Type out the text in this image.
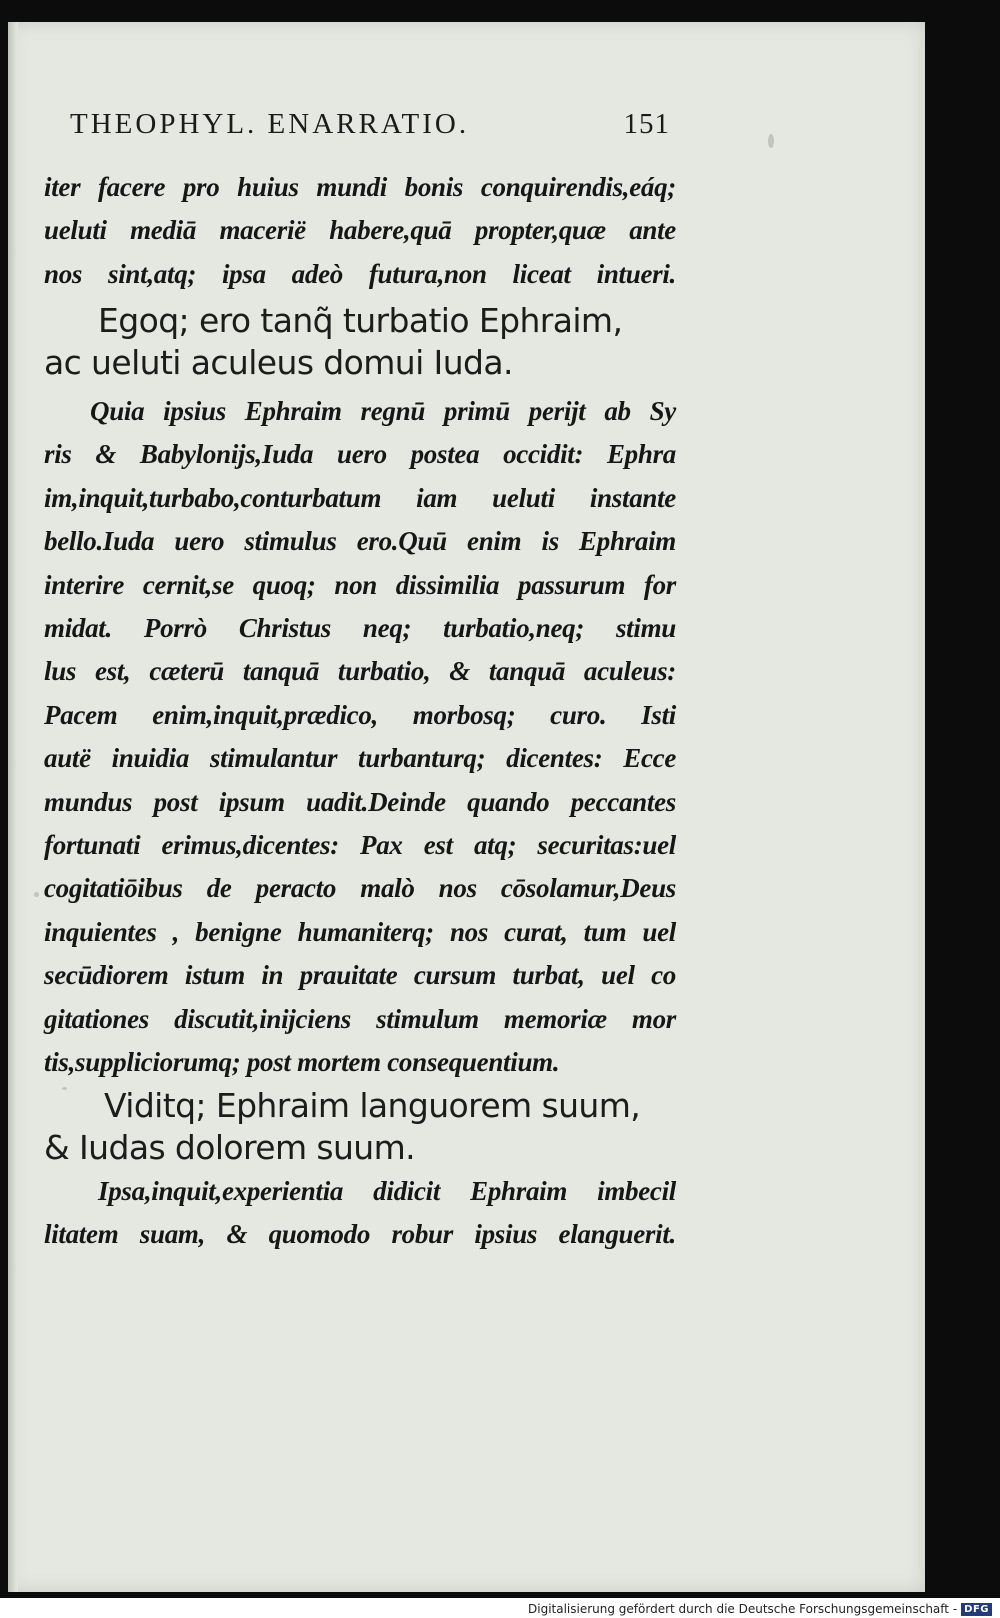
THEOPHYL. ENARRATIO.	151
iter facere pro huius mundi bonis conquirendis,eáq;
ueluti mediā macerië habere,quā propter,quæ ante
nos sint,atq; ipsa adeò futura,non liceat intueri.
Egoq; ero tanq̃ turbatio Ephraim,
ac ueluti aculeus domui Iuda.
Quia ipsius Ephraim regnū primū perijt ab Sy
ris & Babylonijs,Iuda uero postea occidit: Ephra
im,inquit,turbabo,conturbatum iam ueluti instante
bello.Iuda uero stimulus ero.Quū enim is Ephraim
interire cernit,se quoq; non dissimilia passurum for
midat. Porrò Christus neq; turbatio,neq; stimu
lus est, cæterū tanquā turbatio, & tanquā aculeus:
Pacem enim,inquit,prædico, morbosq; curo. Isti
autë inuidia stimulantur turbanturq; dicentes: Ecce
mundus post ipsum uadit.Deinde quando peccantes
fortunati erimus,dicentes: Pax est atq; securitas:uel
cogitatiōibus de peracto malò nos cōsolamur,Deus
inquientes , benigne humaniterq; nos curat, tum uel
secūdiorem istum in prauitate cursum turbat, uel co
gitationes discutit,inijciens stimulum memoriæ mor
tis,suppliciorumq; post mortem consequentium.
Viditq; Ephraim languorem suum,
& Iudas dolorem suum.
Ipsa,inquit,experientia didicit Ephraim imbecil
litatem suam, & quomodo robur ipsius elanguerit.
Digitalisierung gefördert durch die Deutsche Forschungsgemeinschaft - DFG
